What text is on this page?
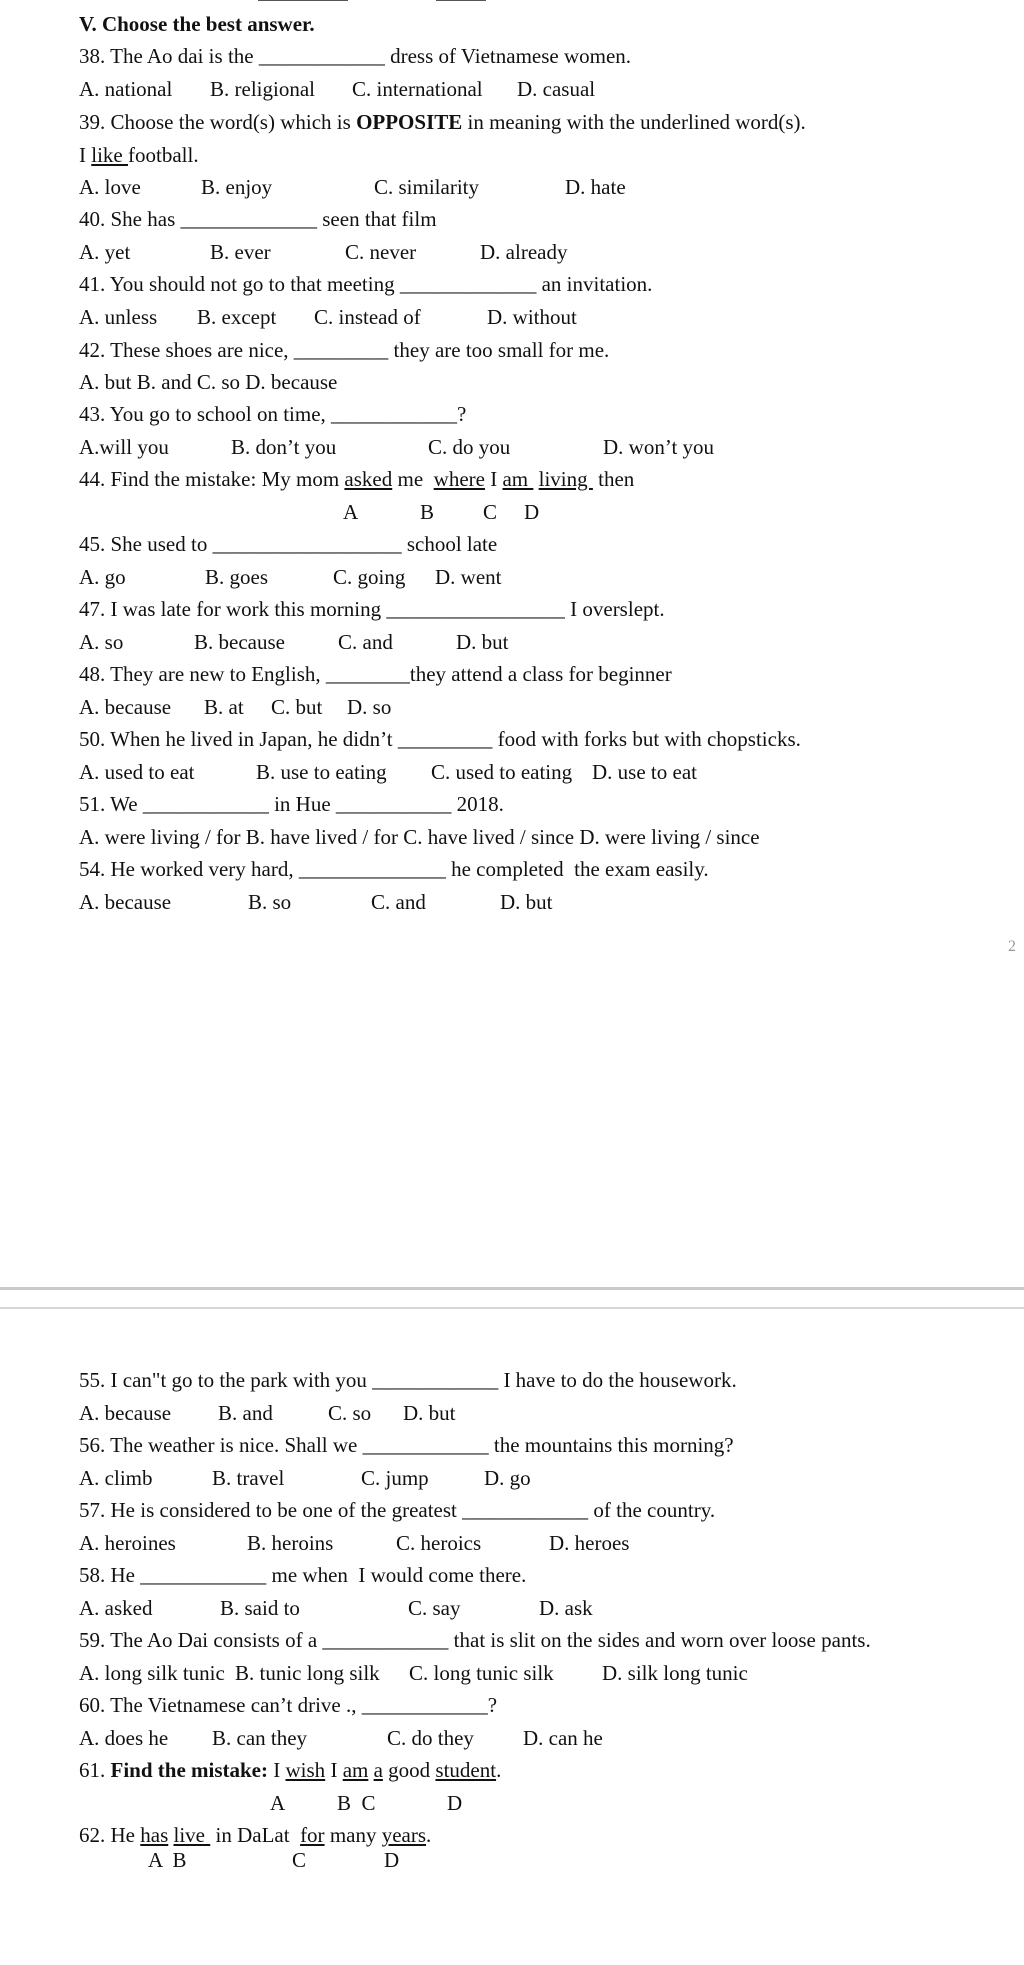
V. Choose the best answer.
38. The Ao dai is the ____________ dress of Vietnamese women.
A. national B. religional C. international D. casual
39. Choose the word(s) which is OPPOSITE in meaning with the underlined word(s).
I like football.
A. love	B. enjoy	C. similarity	D. hate
40. She has _____________ seen that film
A. yet	B. ever	C. never	D. already
41. You should not go to that meeting _____________ an invitation.
A. unless B. except C. instead of	D. without
42. These shoes are nice, _________ they are too small for me.
A. but B. and C. so D. because
43. You go to school on time, ____________?
A.will you	B. don’t you	C. do you	D. won’t you
44. Find the mistake: My mom asked me  where I am  living  then
A	B C D
45. She used to __________________ school late
A. go	B. goes	C. going D. went
47. I was late for work this morning _________________ I overslept.
A. so	B. because	C. and	D. but
48. They are new to English, ________they attend a class for beginner
A. because B. at C. but D. so
50. When he lived in Japan, he didn’t _________ food with forks but with chopsticks.
A. used to eat	B. use to eating C. used to eating D. use to eat
51. We ____________ in Hue ___________ 2018.
A. were living / for B. have lived / for C. have lived / since D. were living / since
54. He worked very hard, ______________ he completed  the exam easily.
A. because	B. so	C. and	D. but
2
55. I can"t go to the park with you ____________ I have to do the housework.
A. because B. and	C. so D. but
56. The weather is nice. Shall we ____________ the mountains this morning?
A. climb	B. travel	C. jump	D. go
57. He is considered to be one of the greatest ____________ of the country.
A. heroines	B. heroins	C. heroics	D. heroes
58. He ____________ me when  I would come there.
A. asked	B. said to	C. say	D. ask
59. The Ao Dai consists of a ____________ that is slit on the sides and worn over loose pants.
A. long silk tunic B. tunic long silk C. long tunic silk D. silk long tunic
60. The Vietnamese can’t drive ., ____________?
A. does he B. can they	C. do they D. can he
61. Find the mistake: I wish I am a good student.
A B  C	D
62. He has live  in DaLat  for many years.
A  B	C	D
